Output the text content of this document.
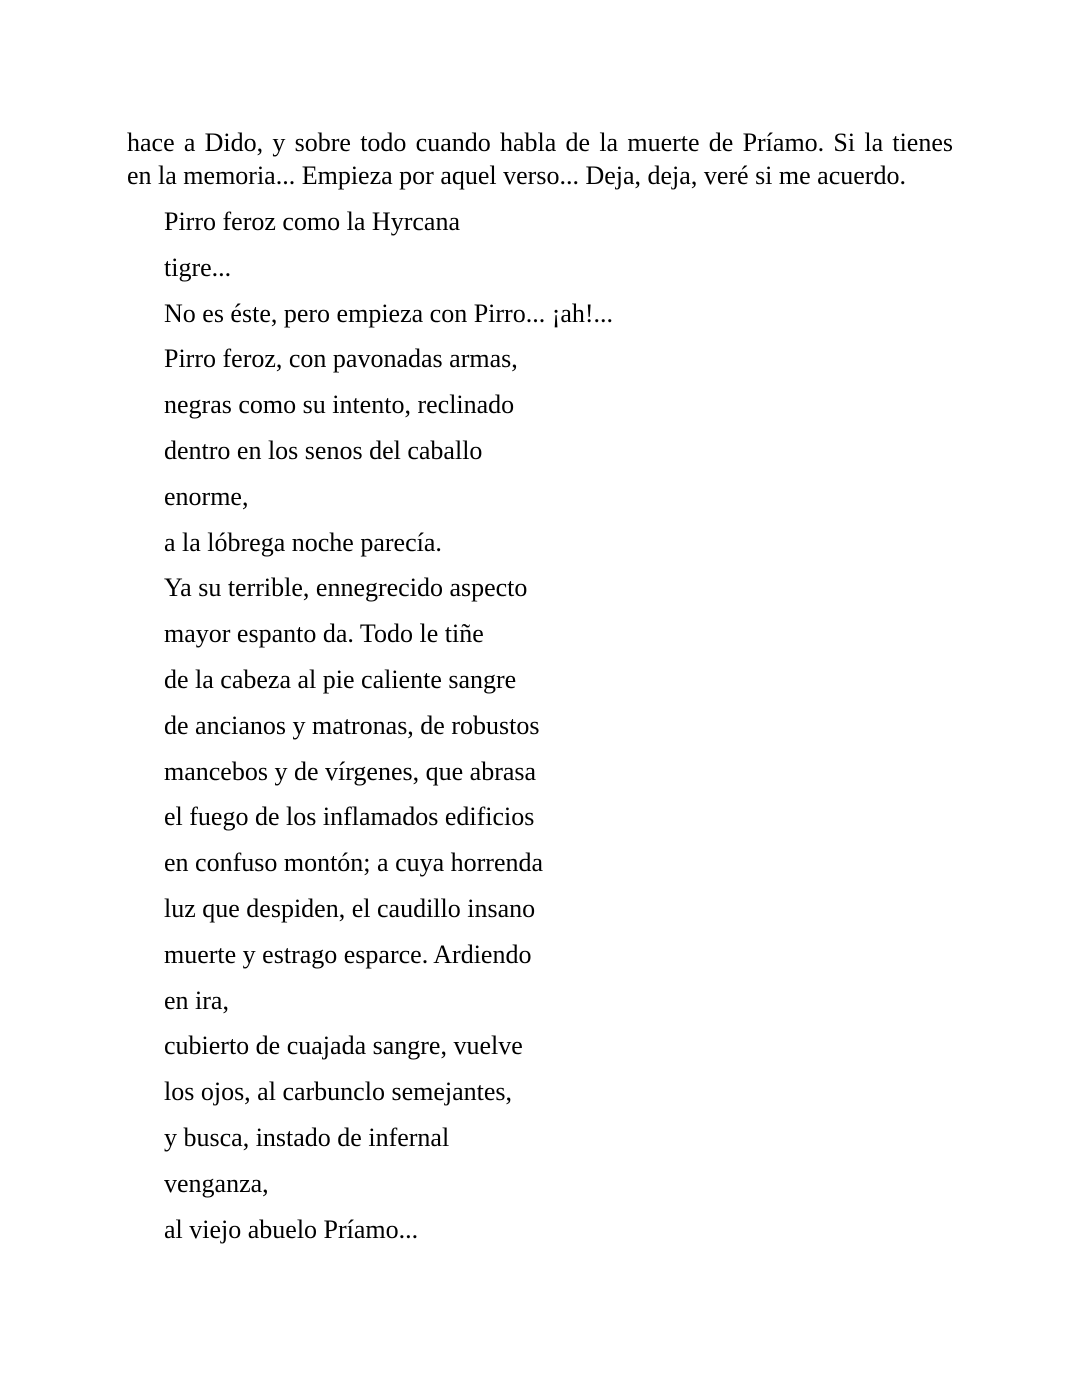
hace a Dido, y sobre todo cuando habla de la muerte de Príamo. Si la tienes
en la memoria... Empieza por aquel verso... Deja, deja, veré si me acuerdo.

Pirro feroz como la Hyrcana
tigre...
No es éste, pero empieza con Pirro... ¡ah!...
Pirro feroz, con pavonadas armas,
negras como su intento, reclinado
dentro en los senos del caballo
enorme,
a la lóbrega noche parecía.
Ya su terrible, ennegrecido aspecto
mayor espanto da. Todo le tiñe
de la cabeza al pie caliente sangre
de ancianos y matronas, de robustos
mancebos y de vírgenes, que abrasa
el fuego de los inflamados edificios
en confuso montón; a cuya horrenda
luz que despiden, el caudillo insano
muerte y estrago esparce. Ardiendo
en ira,
cubierto de cuajada sangre, vuelve
los ojos, al carbunclo semejantes,
y busca, instado de infernal
venganza,
al viejo abuelo Príamo...
